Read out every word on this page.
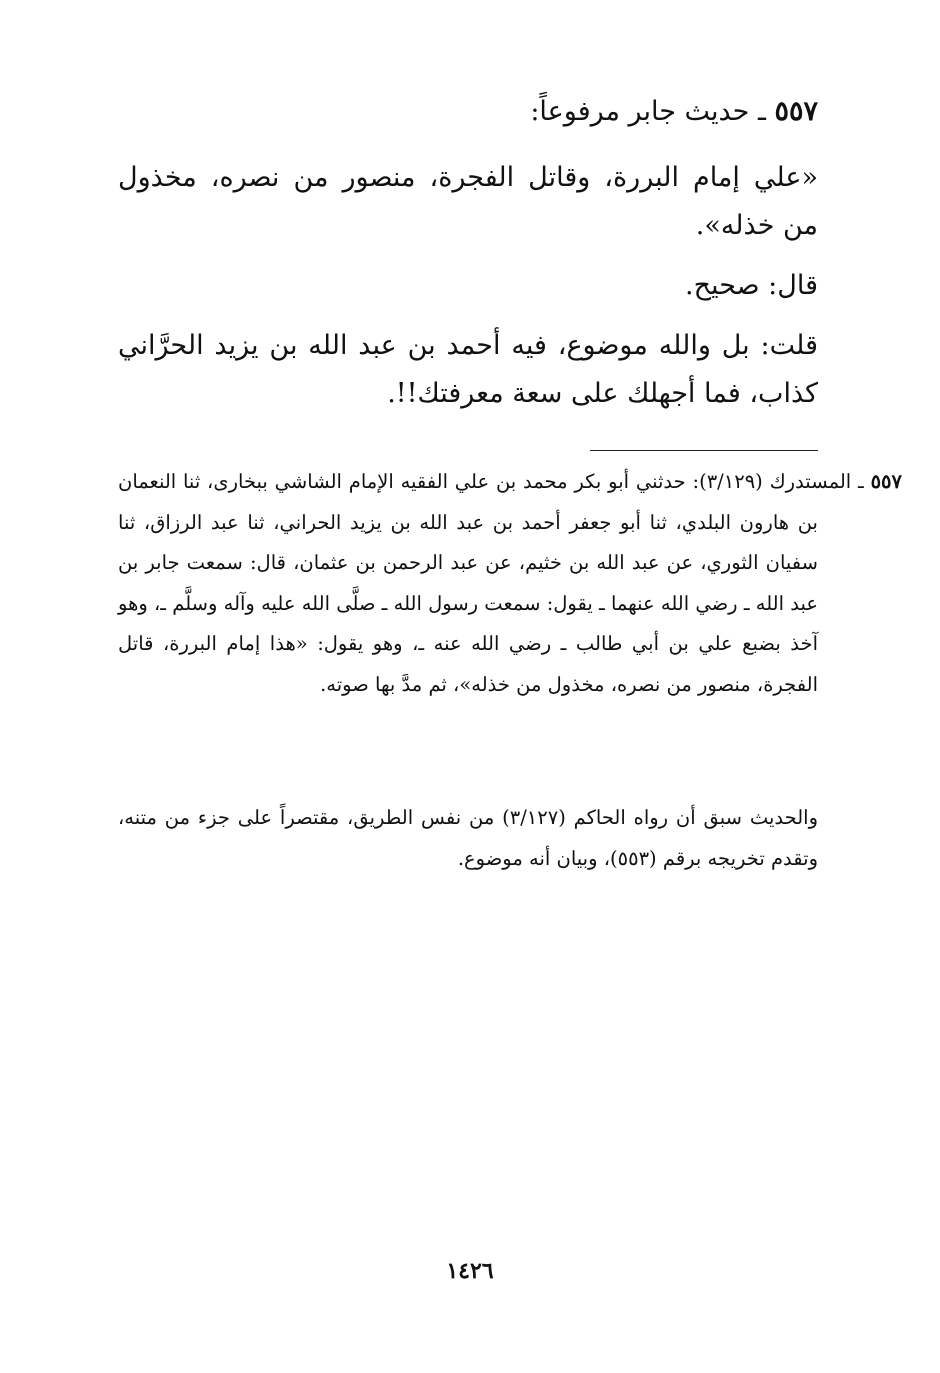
٥٥٧ ـ حديث جابر مرفوعاً:
«علي إمام البررة، وقاتل الفجرة، منصور من نصره، مخذول من خذله».
قال: صحيح.
قلت: بل والله موضوع، فيه أحمد بن عبد الله بن يزيد الحرَّاني كذاب، فما أجهلك على سعة معرفتك!!.
٥٥٧ ـ المستدرك (٣/١٢٩): حدثني أبو بكر محمد بن علي الفقيه الإمام الشاشي ببخارى، ثنا النعمان بن هارون البلدي، ثنا أبو جعفر أحمد بن عبد الله بن يزيد الحراني، ثنا عبد الرزاق، ثنا سفيان الثوري، عن عبد الله بن خثيم، عن عبد الرحمن بن عثمان، قال: سمعت جابر بن عبد الله ـ رضي الله عنهما ـ يقول: سمعت رسول الله ـ صلَّى الله عليه وآله وسلَّم ـ، وهو آخذ بضبع علي بن أبي طالب ـ رضي الله عنه ـ، وهو يقول: «هذا إمام البررة، قاتل الفجرة، منصور من نصره، مخذول من خذله»، ثم مدَّ بها صوته.
والحديث سبق أن رواه الحاكم (٣/١٢٧) من نفس الطريق، مقتصراً على جزء من متنه، وتقدم تخريجه برقم (٥٥٣)، وبيان أنه موضوع.
١٤٢٦
